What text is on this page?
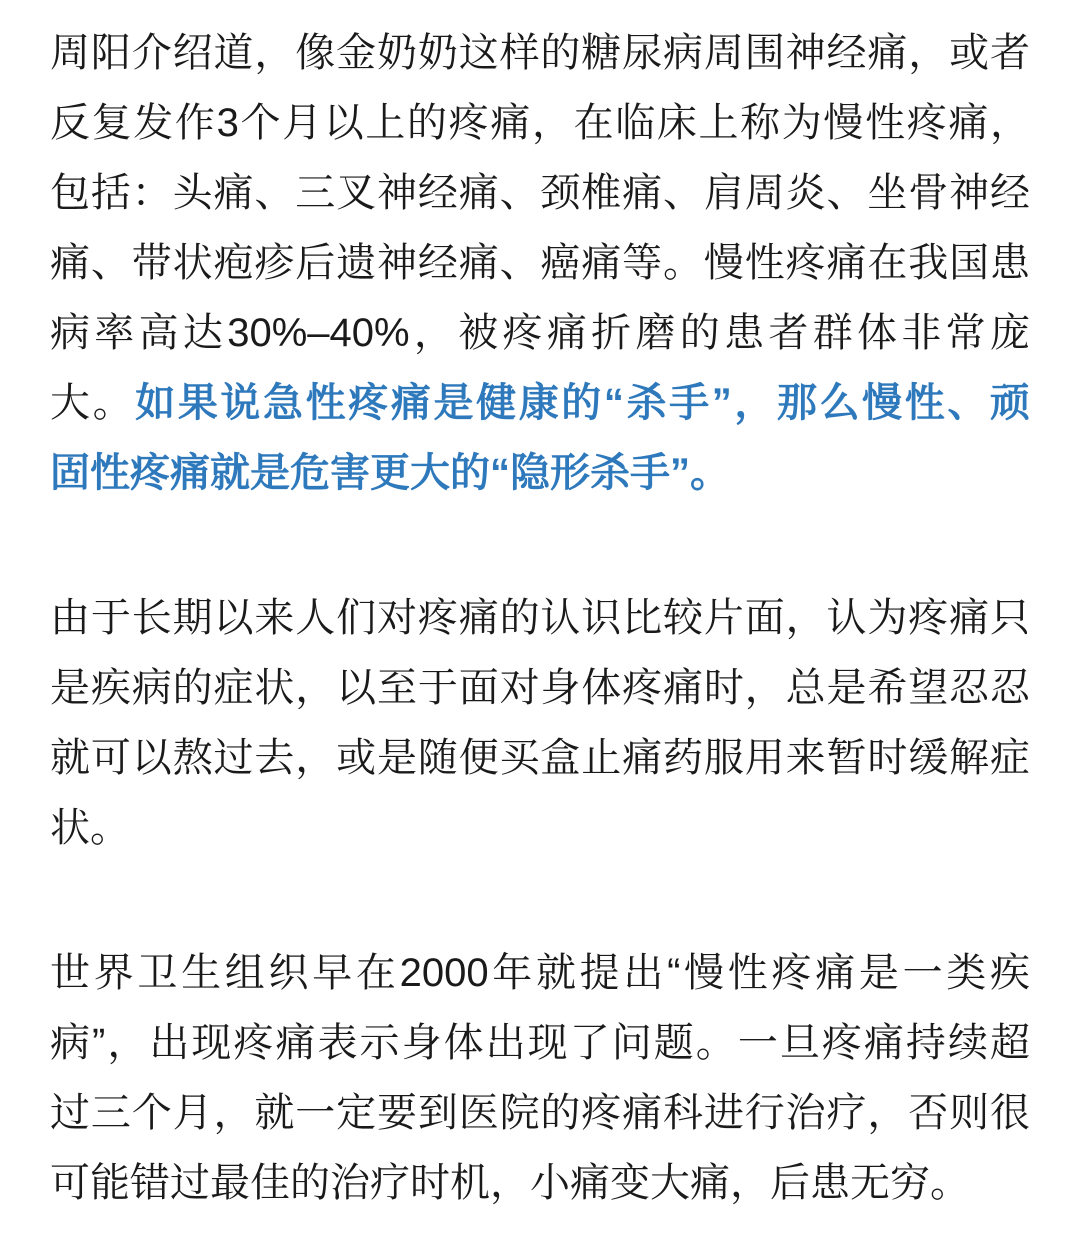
周阳介绍道，像金奶奶这样的糖尿病周围神经痛，或者
反复发作3个月以上的疼痛，在临床上称为慢性疼痛，
包括：头痛、三叉神经痛、颈椎痛、肩周炎、坐骨神经
痛、带状疱疹后遗神经痛、癌痛等。慢性疼痛在我国患
病率高达30%–40%，被疼痛折磨的患者群体非常庞
大。如果说急性疼痛是健康的“杀手”，那么慢性、顽
固性疼痛就是危害更大的“隐形杀手”。
由于长期以来人们对疼痛的认识比较片面，认为疼痛只
是疾病的症状，以至于面对身体疼痛时，总是希望忍忍
就可以熬过去，或是随便买盒止痛药服用来暂时缓解症
状。
世界卫生组织早在2000年就提出“慢性疼痛是一类疾
病”，出现疼痛表示身体出现了问题。一旦疼痛持续超
过三个月，就一定要到医院的疼痛科进行治疗，否则很
可能错过最佳的治疗时机，小痛变大痛，后患无穷。
